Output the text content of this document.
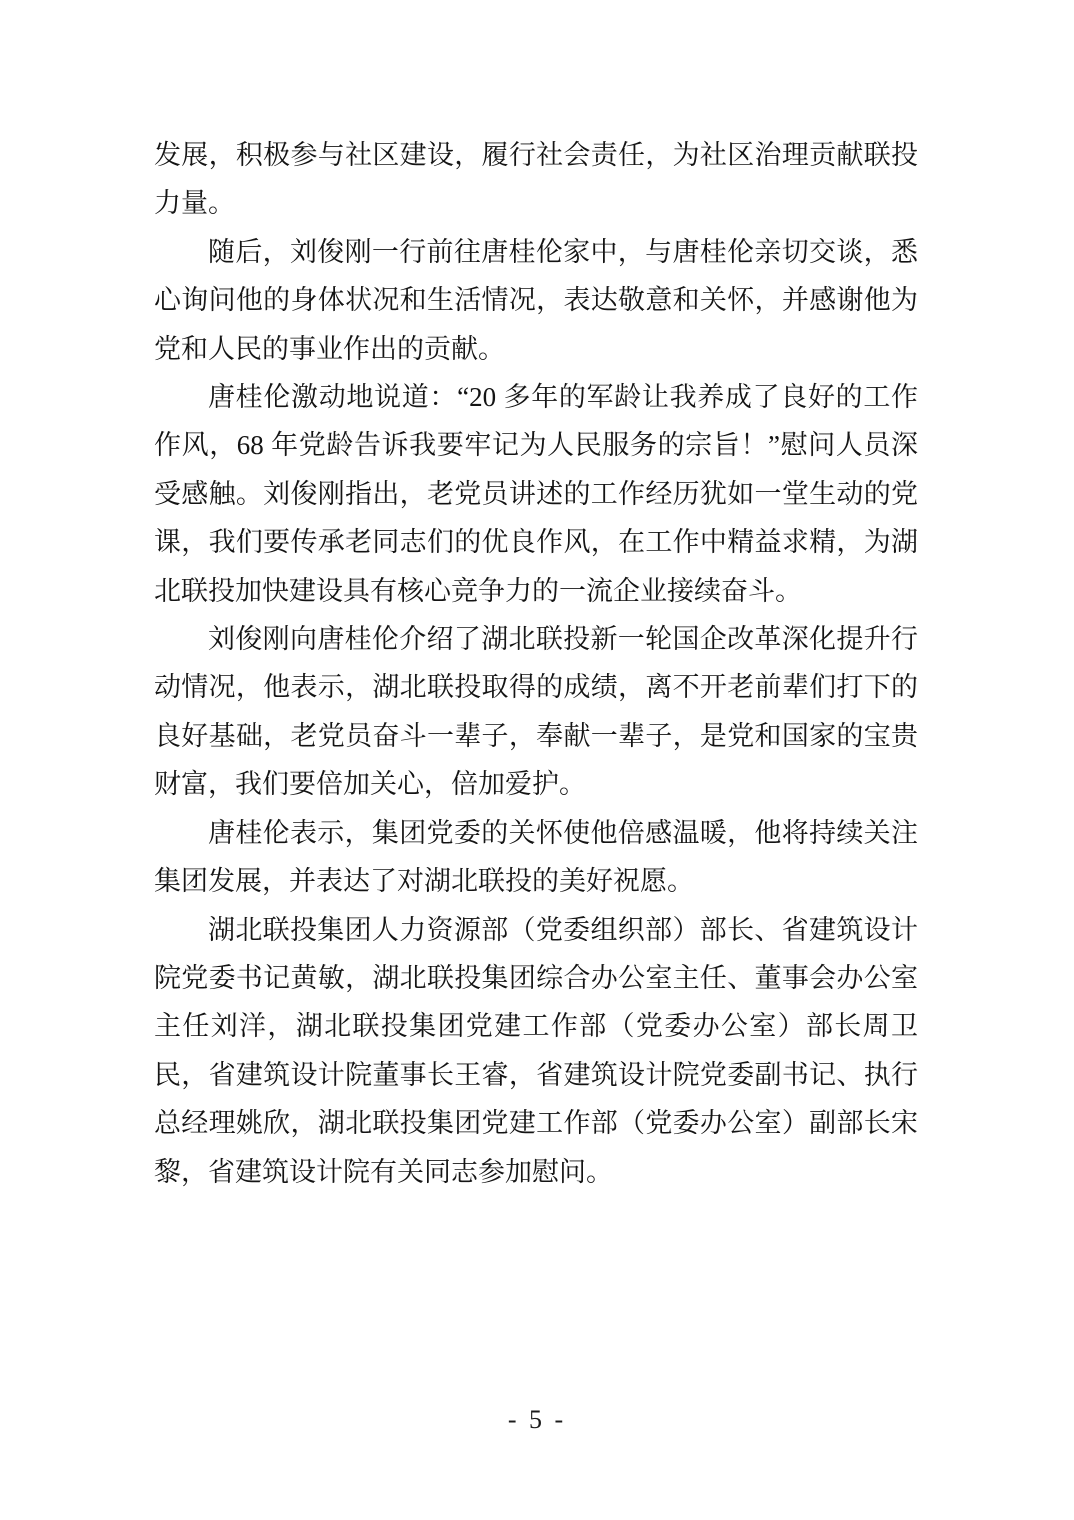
发展，积极参与社区建设，履行社会责任，为社区治理贡献联投力量。

随后，刘俊刚一行前往唐桂伦家中，与唐桂伦亲切交谈，悉心询问他的身体状况和生活情况，表达敬意和关怀，并感谢他为党和人民的事业作出的贡献。

唐桂伦激动地说道：“20 多年的军龄让我养成了良好的工作作风，68 年党龄告诉我要牢记为人民服务的宗旨！”慰问人员深受感触。刘俊刚指出，老党员讲述的工作经历犹如一堂生动的党课，我们要传承老同志们的优良作风，在工作中精益求精，为湖北联投加快建设具有核心竞争力的一流企业接续奋斗。

刘俊刚向唐桂伦介绍了湖北联投新一轮国企改革深化提升行动情况，他表示，湖北联投取得的成绩，离不开老前辈们打下的良好基础，老党员奋斗一辈子，奉献一辈子，是党和国家的宝贵财富，我们要倍加关心，倍加爱护。

唐桂伦表示，集团党委的关怀使他倍感温暖，他将持续关注集团发展，并表达了对湖北联投的美好祝愿。

湖北联投集团人力资源部（党委组织部）部长、省建筑设计院党委书记黄敏，湖北联投集团综合办公室主任、董事会办公室主任刘洋，湖北联投集团党建工作部（党委办公室）部长周卫民，省建筑设计院董事长王睿，省建筑设计院党委副书记、执行总经理姚欣，湖北联投集团党建工作部（党委办公室）副部长宋黎，省建筑设计院有关同志参加慰问。

- 5 -
